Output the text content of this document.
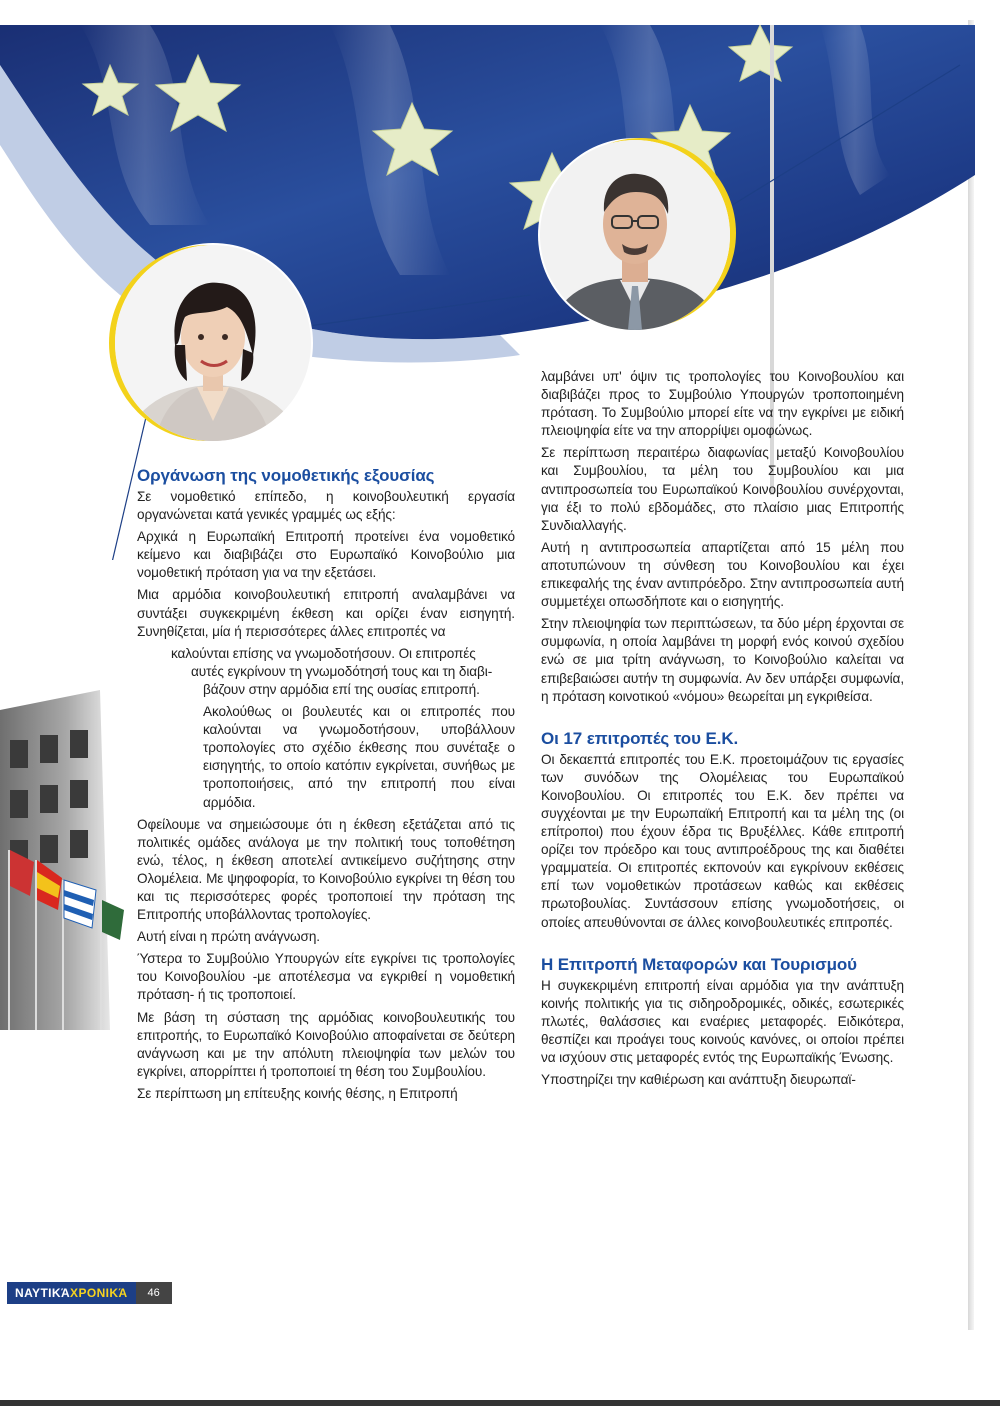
Οργάνωση της νομοθετικής εξουσίας

Σε νομοθετικό επίπεδο, η κοινοβουλευτική εργασία οργανώνεται κατά γενικές γραμμές ως εξής:

Αρχικά η Ευρωπαϊκή Επιτροπή προτείνει ένα νομοθετικό κείμενο και διαβιβάζει στο Ευρωπαϊκό Κοινοβούλιο μια νομοθετική πρόταση για να την εξετάσει.

Μια αρμόδια κοινοβουλευτική επιτροπή αναλαμβάνει να συντάξει συγκεκριμένη έκθεση και ορίζει έναν εισηγητή. Συνηθίζεται, μία ή περισσότερες άλλες επιτροπές να

καλούνται επίσης να γνωμοδοτήσουν. Οι επιτροπές

αυτές εγκρίνουν τη γνωμοδότησή τους και τη διαβι-

βάζουν στην αρμόδια επί της ουσίας επιτροπή.

Ακολούθως οι βουλευτές και οι επιτροπές που καλούνται να γνωμοδοτήσουν, υποβάλλουν τροπολογίες στο σχέδιο έκθεσης που συνέταξε ο εισηγητής, το οποίο κατόπιν εγκρίνεται, συνήθως με τροποποιήσεις, από την επιτροπή που είναι αρμόδια.

Οφείλουμε να σημειώσουμε ότι η έκθεση εξετάζεται από τις πολιτικές ομάδες ανάλογα με την πολιτική τους τοποθέτηση ενώ, τέλος, η έκθεση αποτελεί αντικείμενο συζήτησης στην Ολομέλεια. Με ψηφοφορία, το Κοινοβούλιο εγκρίνει τη θέση του και τις περισσότερες φορές τροποποιεί την πρόταση της Επιτροπής υποβάλλοντας τροπολογίες.

Αυτή είναι η πρώτη ανάγνωση.

Ύστερα το Συμβούλιο Υπουργών είτε εγκρίνει τις τροπολογίες του Κοινοβουλίου -με αποτέλεσμα να εγκριθεί η νομοθετική πρόταση- ή τις τροποποιεί.

Με βάση τη σύσταση της αρμόδιας κοινοβουλευτικής του επιτροπής, το Ευρωπαϊκό Κοινοβούλιο αποφαίνεται σε δεύτερη ανάγνωση και με την απόλυτη πλειοψηφία των μελών του εγκρίνει, απορρίπτει ή τροποποιεί τη θέση του Συμβουλίου.

Σε περίπτωση μη επίτευξης κοινής θέσης, η Επιτροπή

λαμβάνει υπ' όψιν τις τροπολογίες του Κοινοβουλίου και διαβιβάζει προς το Συμβούλιο Υπουργών τροποποιημένη πρόταση. Το Συμβούλιο μπορεί είτε να την εγκρίνει με ειδική πλειοψηφία είτε να την απορρίψει ομοφώνως.

Σε περίπτωση περαιτέρω διαφωνίας μεταξύ Κοινοβουλίου και Συμβουλίου, τα μέλη του Συμβουλίου και μια αντιπροσωπεία του Ευρωπαϊκού Κοινοβουλίου συνέρχονται, για έξι το πολύ εβδομάδες, στο πλαίσιο μιας Επιτροπής Συνδιαλλαγής.

Αυτή η αντιπροσωπεία απαρτίζεται από 15 μέλη που αποτυπώνουν τη σύνθεση του Κοινοβουλίου και έχει επικεφαλής της έναν αντιπρόεδρο. Στην αντιπροσωπεία αυτή συμμετέχει οπωσδήποτε και ο εισηγητής.

Στην πλειοψηφία των περιπτώσεων, τα δύο μέρη έρχονται σε συμφωνία, η οποία λαμβάνει τη μορφή ενός κοινού σχεδίου ενώ σε μια τρίτη ανάγνωση, το Κοινοβούλιο καλείται να επιβεβαιώσει αυτήν τη συμφωνία. Αν δεν υπάρξει συμφωνία, η πρόταση κοινοτικού «νόμου» θεωρείται μη εγκριθείσα.

Οι 17 επιτροπές του Ε.Κ.

Οι δεκαεπτά επιτροπές του Ε.Κ. προετοιμάζουν τις εργασίες των συνόδων της Ολομέλειας του Ευρωπαϊκού Κοινοβουλίου. Οι επιτροπές του Ε.Κ. δεν πρέπει να συγχέονται με την Ευρωπαϊκή Επιτροπή και τα μέλη της (οι επίτροποι) που έχουν έδρα τις Βρυξέλλες. Κάθε επιτροπή ορίζει τον πρόεδρο και τους αντιπροέδρους της και διαθέτει γραμματεία. Οι επιτροπές εκπονούν και εγκρίνουν εκθέσεις επί των νομοθετικών προτάσεων καθώς και εκθέσεις πρωτοβουλίας. Συντάσσουν επίσης γνωμοδοτήσεις, οι οποίες απευθύνονται σε άλλες κοινοβουλευτικές επιτροπές.

Η Επιτροπή Μεταφορών και Τουρισμού

Η συγκεκριμένη επιτροπή είναι αρμόδια για την ανάπτυξη κοινής πολιτικής για τις σιδηροδρομικές, οδικές, εσωτερικές πλωτές, θαλάσσιες και εναέριες μεταφορές. Ειδικότερα, θεσπίζει και προάγει τους κοινούς κανόνες, οι οποίοι πρέπει να ισχύουν στις μεταφορές εντός της Ευρωπαϊκής Ένωσης.

Υποστηρίζει την καθιέρωση και ανάπτυξη διευρωπαϊ-

ΝΑΥΤΙΚΆ ΧΡΟΝΙΚΆ	46
